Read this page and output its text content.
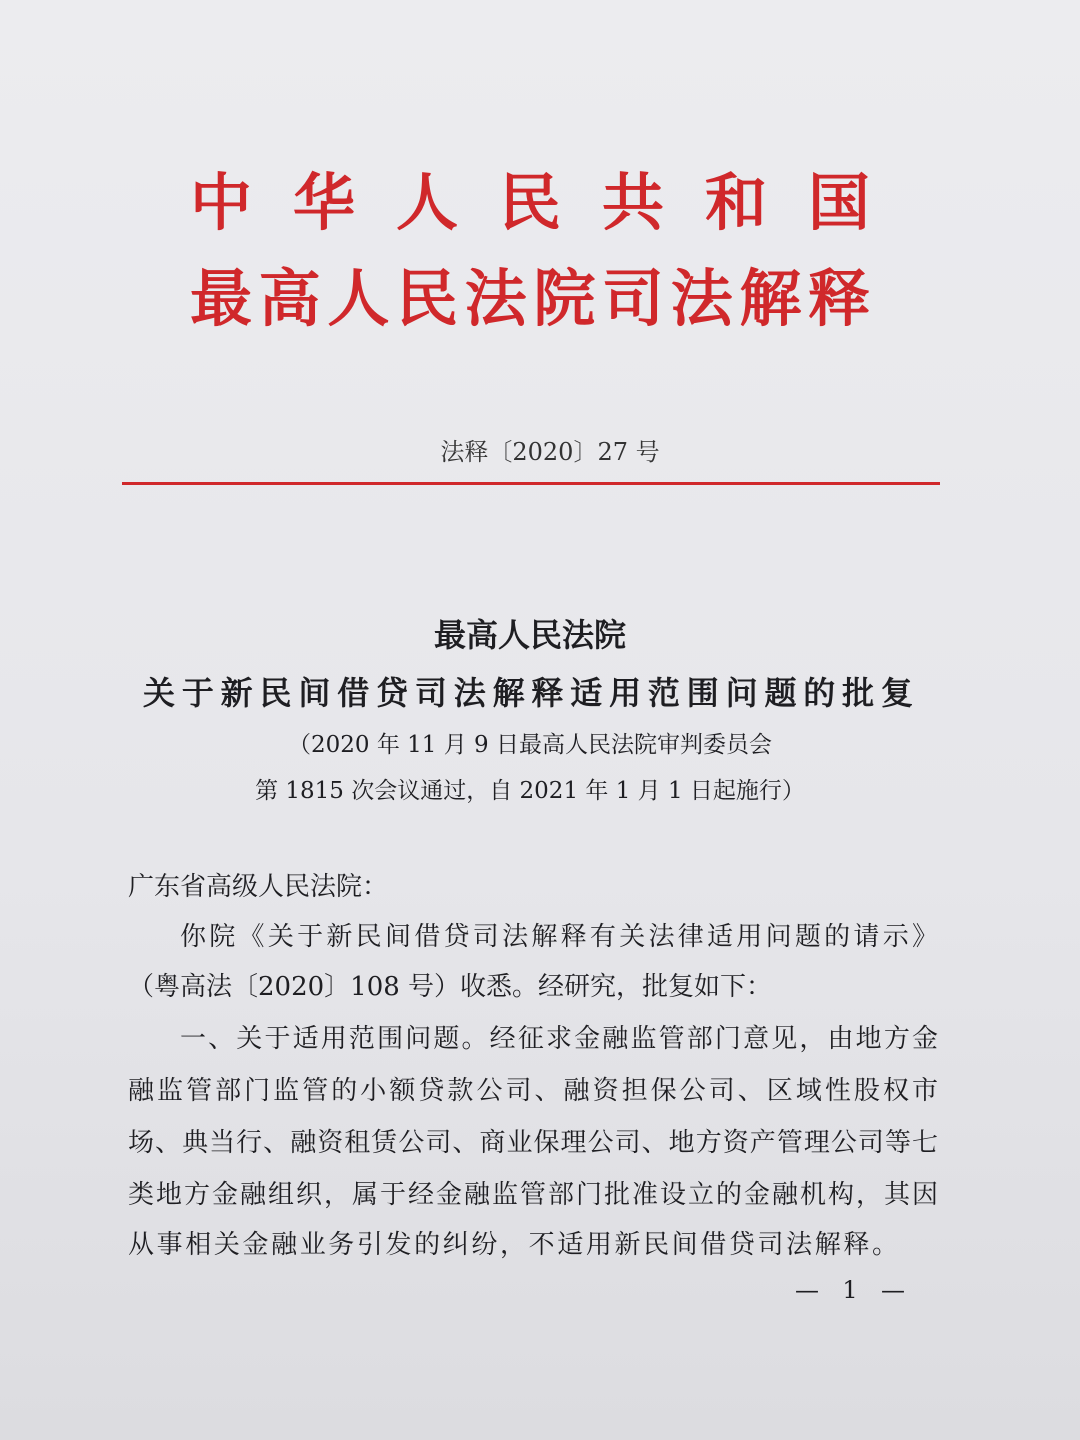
中华人民共和国
最高人民法院司法解释
法释〔2020〕27 号
最高人民法院
关于新民间借贷司法解释适用范围问题的批复
（2020 年 11 月 9 日最高人民法院审判委员会
第 1815 次会议通过，自 2021 年 1 月 1 日起施行）
广东省高级人民法院：
你院《关于新民间借贷司法解释有关法律适用问题的请示》
（粤高法〔2020〕108 号）收悉。经研究，批复如下：
一、关于适用范围问题。经征求金融监管部门意见，由地方金
融监管部门监管的小额贷款公司、融资担保公司、区域性股权市
场、典当行、融资租赁公司、商业保理公司、地方资产管理公司等七
类地方金融组织，属于经金融监管部门批准设立的金融机构，其因
从事相关金融业务引发的纠纷，不适用新民间借贷司法解释。
— 1 —
